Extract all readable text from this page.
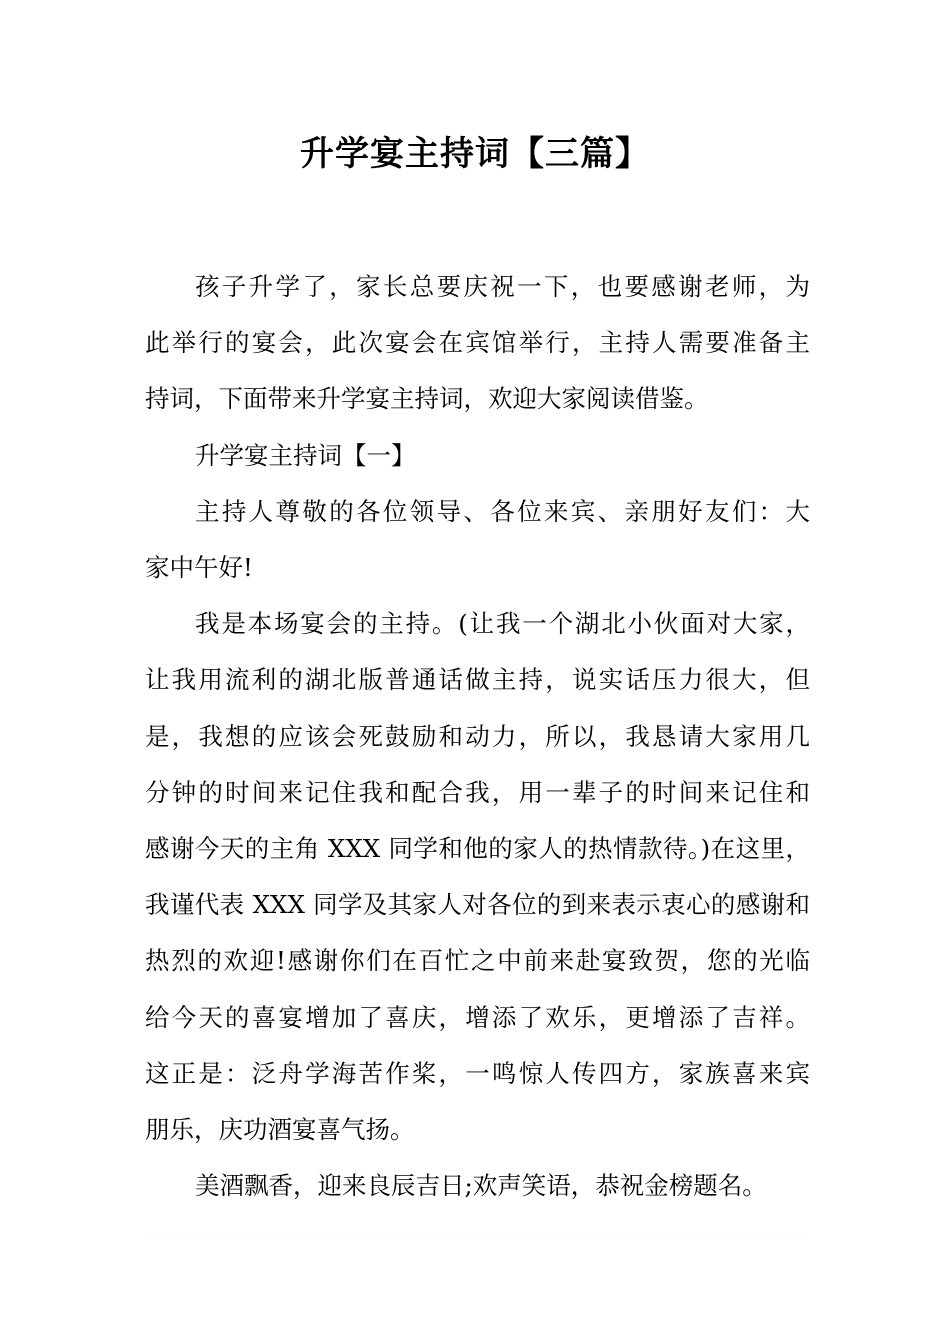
升学宴主持词【三篇】
孩子升学了，家长总要庆祝一下，也要感谢老师，为
此举行的宴会，此次宴会在宾馆举行，主持人需要准备主
持词，下面带来升学宴主持词，欢迎大家阅读借鉴。
升学宴主持词【一】
主持人尊敬的各位领导、各位来宾、亲朋好友们：大
家中午好!
我是本场宴会的主持。(让我一个湖北小伙面对大家，
让我用流利的湖北版普通话做主持，说实话压力很大，但
是，我想的应该会死鼓励和动力，所以，我恳请大家用几
分钟的时间来记住我和配合我，用一辈子的时间来记住和
感谢今天的主角 XXX 同学和他的家人的热情款待。)在这里，
我谨代表 XXX 同学及其家人对各位的到来表示衷心的感谢和
热烈的欢迎!感谢你们在百忙之中前来赴宴致贺，您的光临
给今天的喜宴增加了喜庆，增添了欢乐，更增添了吉祥。
这正是：泛舟学海苦作桨，一鸣惊人传四方，家族喜来宾
朋乐，庆功酒宴喜气扬。
美酒飘香，迎来良辰吉日;欢声笑语，恭祝金榜题名。
